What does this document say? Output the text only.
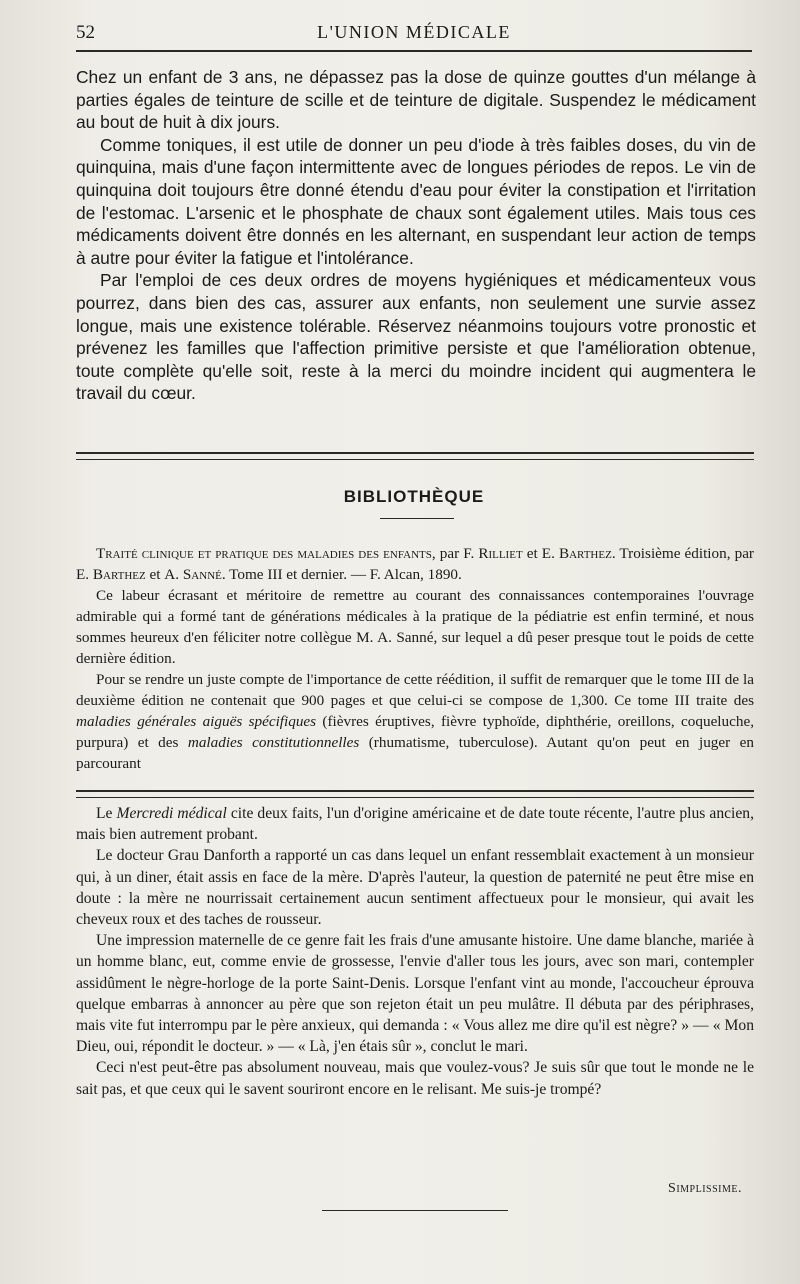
52	L'UNION MÉDICALE

Chez un enfant de 3 ans, ne dépassez pas la dose de quinze gouttes d'un mélange à parties égales de teinture de scille et de teinture de digitale. Suspendez le médicament au bout de huit à dix jours.

Comme toniques, il est utile de donner un peu d'iode à très faibles doses, du vin de quinquina, mais d'une façon intermittente avec de longues périodes de repos. Le vin de quinquina doit toujours être donné étendu d'eau pour éviter la constipation et l'irritation de l'estomac. L'arsenic et le phosphate de chaux sont également utiles. Mais tous ces médicaments doivent être donnés en les alternant, en suspendant leur action de temps à autre pour éviter la fatigue et l'intolérance.

Par l'emploi de ces deux ordres de moyens hygiéniques et médicamenteux vous pourrez, dans bien des cas, assurer aux enfants, non seulement une survie assez longue, mais une existence tolérable. Réservez néanmoins toujours votre pronostic et prévenez les familles que l'affection primitive persiste et que l'amélioration obtenue, toute complète qu'elle soit, reste à la merci du moindre incident qui augmentera le travail du cœur.

BIBLIOTHÈQUE

Traité clinique et pratique des maladies des enfants, par F. Rilliet et E. Barthez. Troisième édition, par E. Barthez et A. Sanné. Tome III et dernier. — F. Alcan, 1890.

Ce labeur écrasant et méritoire de remettre au courant des connaissances contemporaines l'ouvrage admirable qui a formé tant de générations médicales à la pratique de la pédiatrie est enfin terminé, et nous sommes heureux d'en féliciter notre collègue M. A. Sanné, sur lequel a dû peser presque tout le poids de cette dernière édition.

Pour se rendre un juste compte de l'importance de cette réédition, il suffit de remarquer que le tome III de la deuxième édition ne contenait que 900 pages et que celui-ci se compose de 1,300. Ce tome III traite des maladies générales aiguës spécifiques (fièvres éruptives, fièvre typhoïde, diphthérie, oreillons, coqueluche, purpura) et des maladies constitutionnelles (rhumatisme, tuberculose). Autant qu'on peut en juger en parcourant

Le Mercredi médical cite deux faits, l'un d'origine américaine et de date toute récente, l'autre plus ancien, mais bien autrement probant.

Le docteur Grau Danforth a rapporté un cas dans lequel un enfant ressemblait exactement à un monsieur qui, à un diner, était assis en face de la mère. D'après l'auteur, la question de paternité ne peut être mise en doute : la mère ne nourrissait certainement aucun sentiment affectueux pour le monsieur, qui avait les cheveux roux et des taches de rousseur.

Une impression maternelle de ce genre fait les frais d'une amusante histoire. Une dame blanche, mariée à un homme blanc, eut, comme envie de grossesse, l'envie d'aller tous les jours, avec son mari, contempler assidûment le nègre-horloge de la porte Saint-Denis. Lorsque l'enfant vint au monde, l'accoucheur éprouva quelque embarras à annoncer au père que son rejeton était un peu mulâtre. Il débuta par des périphrases, mais vite fut interrompu par le père anxieux, qui demanda : « Vous allez me dire qu'il est nègre? » — « Mon Dieu, oui, répondit le docteur. » — « Là, j'en étais sûr », conclut le mari.

Ceci n'est peut-être pas absolument nouveau, mais que voulez-vous? Je suis sûr que tout le monde ne le sait pas, et que ceux qui le savent souriront encore en le relisant. Me suis-je trompé?

Simplissime.
